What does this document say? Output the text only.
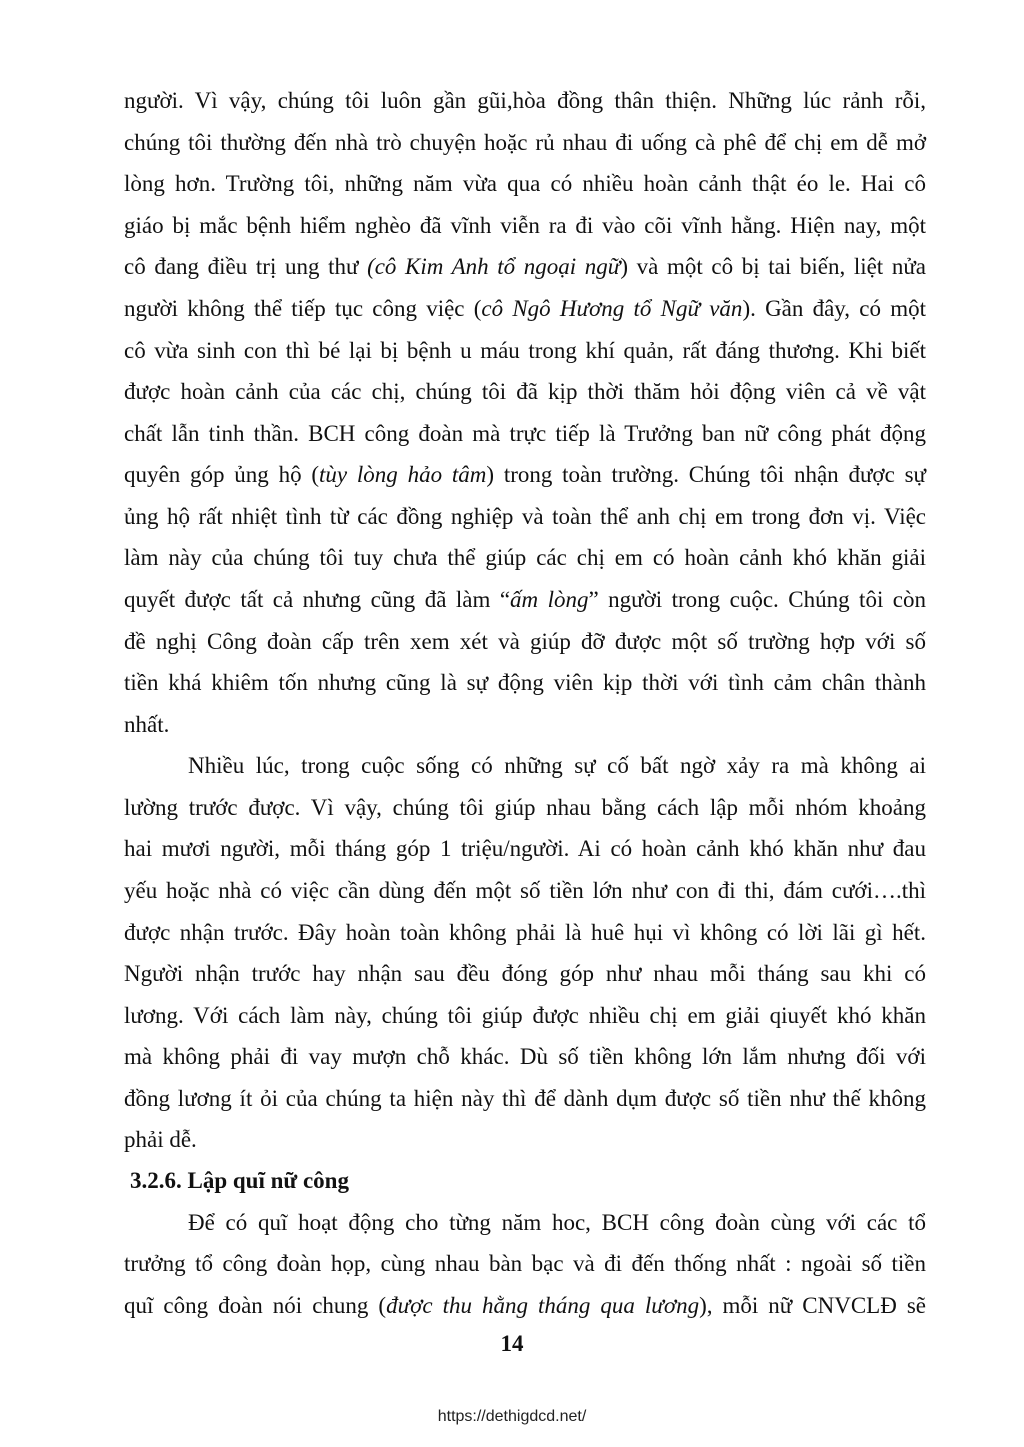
người. Vì vậy, chúng tôi luôn gần gũi,hòa đồng thân thiện. Những lúc rảnh rỗi,
chúng tôi thường đến nhà trò chuyện hoặc rủ nhau đi uống cà phê để chị em dễ mở
lòng hơn. Trường tôi, những năm vừa qua có nhiều hoàn cảnh thật éo le. Hai cô
giáo bị mắc bệnh hiểm nghèo đã vĩnh viễn ra đi vào cõi vĩnh hằng. Hiện nay, một
cô đang điều trị ung thư (cô Kim Anh tổ ngoại ngữ) và một cô bị tai biến, liệt nửa
người không thể tiếp tục công việc (cô Ngô Hương tổ Ngữ văn). Gần đây, có một
cô vừa sinh con thì bé lại bị bệnh u máu trong khí quản, rất đáng thương. Khi biết
được hoàn cảnh của các chị, chúng tôi đã kịp thời thăm hỏi động viên cả về vật
chất lẫn tinh thần. BCH công đoàn mà trực tiếp là Trưởng ban nữ công phát động
quyên góp ủng hộ (tùy lòng hảo tâm) trong toàn trường. Chúng tôi nhận được sự
ủng hộ rất nhiệt tình từ các đồng nghiệp và toàn thể anh chị em trong đơn vị. Việc
làm này của chúng tôi tuy chưa thể giúp các chị em có hoàn cảnh khó khăn giải
quyết được tất cả nhưng cũng đã làm “ấm lòng” người trong cuộc. Chúng tôi còn
đề nghị Công đoàn cấp trên xem xét và giúp đỡ được một số trường hợp với số
tiền khá khiêm tốn nhưng cũng là sự động viên kịp thời với tình cảm chân thành
nhất.
Nhiều lúc, trong cuộc sống có những sự cố bất ngờ xảy ra mà không ai
lường trước được. Vì vậy, chúng tôi giúp nhau bằng cách lập mỗi nhóm khoảng
hai mươi người, mỗi tháng góp 1 triệu/người. Ai có hoàn cảnh khó khăn như đau
yếu hoặc nhà có việc cần dùng đến một số tiền lớn như con đi thi, đám cưới….thì
được nhận trước. Đây hoàn toàn không phải là huê hụi vì không có lời lãi gì hết.
Người nhận trước hay nhận sau đều đóng góp như nhau mỗi tháng sau khi có
lương. Với cách làm này, chúng tôi giúp được nhiều chị em giải qiuyết khó khăn
mà không phải đi vay mượn chỗ khác. Dù số tiền không lớn lắm nhưng đối với
đồng lương ít ỏi của chúng ta hiện này thì để dành dụm được số tiền như thế không
phải dễ.
3.2.6. Lập quĩ nữ công
Để có quĩ hoạt động cho từng năm hoc, BCH công đoàn cùng với các tổ
trưởng tổ công đoàn họp, cùng nhau bàn bạc và đi đến thống nhất : ngoài số tiền
quĩ công đoàn nói chung (được thu hằng tháng qua lương), mỗi nữ CNVCLĐ sẽ
14
https://dethigdcd.net/
